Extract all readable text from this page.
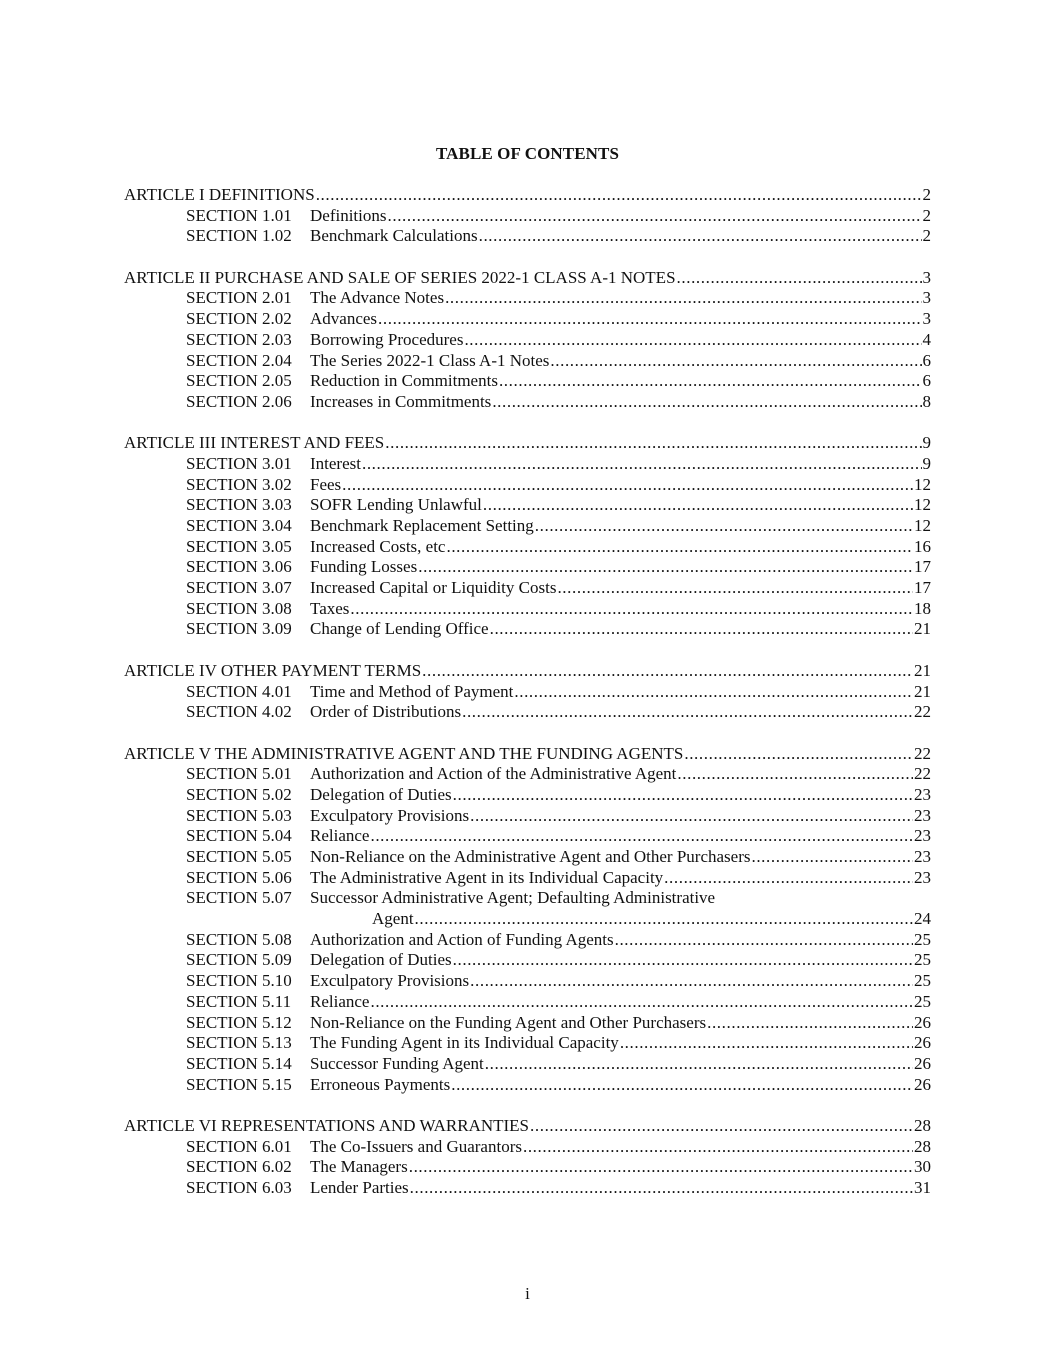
TABLE OF CONTENTS
ARTICLE I DEFINITIONS .....	2
SECTION 1.01	Definitions .....	2
SECTION 1.02	Benchmark Calculations .....	2
ARTICLE II PURCHASE AND SALE OF SERIES 2022-1 CLASS A-1 NOTES .....	3
SECTION 2.01	The Advance Notes .....	3
SECTION 2.02	Advances .....	3
SECTION 2.03	Borrowing Procedures .....	4
SECTION 2.04	The Series 2022-1 Class A-1 Notes .....	6
SECTION 2.05	Reduction in Commitments .....	6
SECTION 2.06	Increases in Commitments .....	8
ARTICLE III INTEREST AND FEES .....	9
SECTION 3.01	Interest .....	9
SECTION 3.02	Fees .....	12
SECTION 3.03	SOFR Lending Unlawful .....	12
SECTION 3.04	Benchmark Replacement Setting .....	12
SECTION 3.05	Increased Costs, etc .....	16
SECTION 3.06	Funding Losses .....	17
SECTION 3.07	Increased Capital or Liquidity Costs .....	17
SECTION 3.08	Taxes .....	18
SECTION 3.09	Change of Lending Office .....	21
ARTICLE IV OTHER PAYMENT TERMS .....	21
SECTION 4.01	Time and Method of Payment .....	21
SECTION 4.02	Order of Distributions .....	22
ARTICLE V THE ADMINISTRATIVE AGENT AND THE FUNDING AGENTS .....	22
SECTION 5.01	Authorization and Action of the Administrative Agent .....	22
SECTION 5.02	Delegation of Duties .....	23
SECTION 5.03	Exculpatory Provisions .....	23
SECTION 5.04	Reliance .....	23
SECTION 5.05	Non-Reliance on the Administrative Agent and Other Purchasers .....	23
SECTION 5.06	The Administrative Agent in its Individual Capacity .....	23
SECTION 5.07	Successor Administrative Agent; Defaulting Administrative
Agent .....	24
SECTION 5.08	Authorization and Action of Funding Agents .....	25
SECTION 5.09	Delegation of Duties .....	25
SECTION 5.10	Exculpatory Provisions .....	25
SECTION 5.11	Reliance .....	25
SECTION 5.12	Non-Reliance on the Funding Agent and Other Purchasers .....	26
SECTION 5.13	The Funding Agent in its Individual Capacity .....	26
SECTION 5.14	Successor Funding Agent .....	26
SECTION 5.15	Erroneous Payments .....	26
ARTICLE VI REPRESENTATIONS AND WARRANTIES .....	28
SECTION 6.01	The Co-Issuers and Guarantors .....	28
SECTION 6.02	The Managers .....	30
SECTION 6.03	Lender Parties .....	31
i
